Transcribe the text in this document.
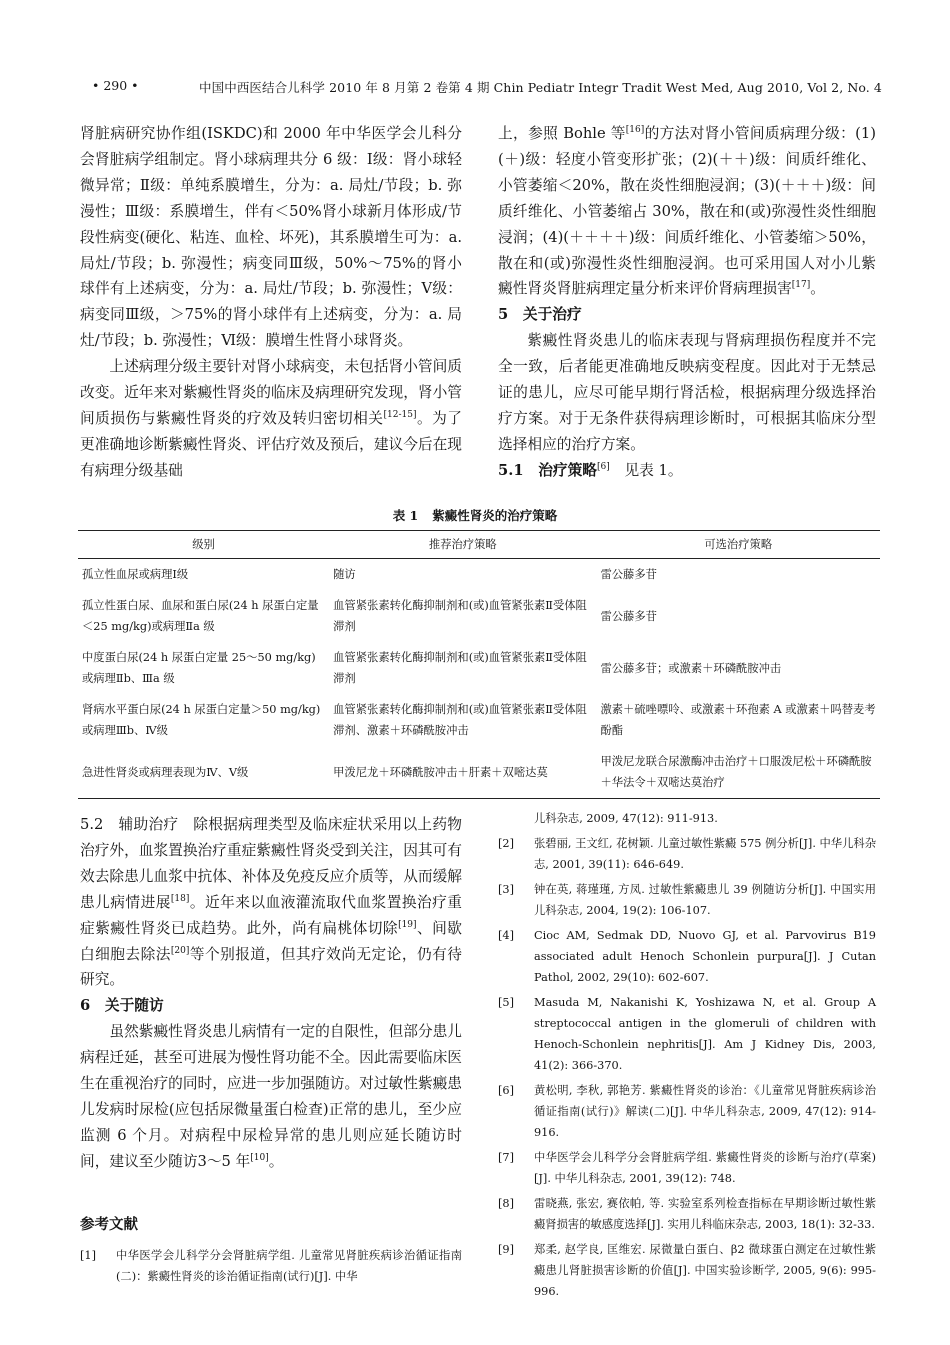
• 290 •	中国中西医结合儿科学 2010 年 8 月第 2 卷第 4 期 Chin Pediatr Integr Tradit West Med, Aug 2010, Vol 2, No. 4

肾脏病研究协作组(ISKDC)和 2000 年中华医学会儿科分会肾脏病学组制定。肾小球病理共分 6 级：Ⅰ级：肾小球轻微异常；Ⅱ级：单纯系膜增生，分为：a. 局灶/节段；b. 弥漫性；Ⅲ级：系膜增生，伴有＜50%肾小球新月体形成/节段性病变(硬化、粘连、血栓、坏死)，其系膜增生可为：a. 局灶/节段；b. 弥漫性；病变同Ⅲ级，50%～75%的肾小球伴有上述病变，分为：a. 局灶/节段；b. 弥漫性；Ⅴ级：病变同Ⅲ级，＞75%的肾小球伴有上述病变，分为：a. 局灶/节段；b. 弥漫性；Ⅵ级：膜增生性肾小球肾炎。

上述病理分级主要针对肾小球病变，未包括肾小管间质改变。近年来对紫癜性肾炎的临床及病理研究发现，肾小管间质损伤与紫癜性肾炎的疗效及转归密切相关[12-15]。为了更准确地诊断紫癜性肾炎、评估疗效及预后，建议今后在现有病理分级基础

上，参照 Bohle 等[16]的方法对肾小管间质病理分级：(1)(＋)级：轻度小管变形扩张；(2)(＋＋)级：间质纤维化、小管萎缩＜20%，散在炎性细胞浸润；(3)(＋＋＋)级：间质纤维化、小管萎缩占 30%，散在和(或)弥漫性炎性细胞浸润；(4)(＋＋＋＋)级：间质纤维化、小管萎缩＞50%，散在和(或)弥漫性炎性细胞浸润。也可采用国人对小儿紫癜性肾炎肾脏病理定量分析来评价肾病理损害[17]。

5　关于治疗

紫癜性肾炎患儿的临床表现与肾病理损伤程度并不完全一致，后者能更准确地反映病变程度。因此对于无禁忌证的患儿，应尽可能早期行肾活检，根据病理分级选择治疗方案。对于无条件获得病理诊断时，可根据其临床分型选择相应的治疗方案。

5.1　治疗策略[6]　见表 1。

表 1 紫癜性肾炎的治疗策略
级别	推荐治疗策略	可选治疗策略
孤立性血尿或病理Ⅰ级	随访	雷公藤多苷
孤立性蛋白尿、血尿和蛋白尿(24 h 尿蛋白定量＜25 mg/kg)或病理Ⅱa 级	血管紧张素转化酶抑制剂和(或)血管紧张素Ⅱ受体阻滞剂	雷公藤多苷
中度蛋白尿(24 h 尿蛋白定量 25～50 mg/kg)或病理Ⅱb、Ⅲa 级	血管紧张素转化酶抑制剂和(或)血管紧张素Ⅱ受体阻滞剂	雷公藤多苷；或激素＋环磷酰胺冲击
肾病水平蛋白尿(24 h 尿蛋白定量＞50 mg/kg)或病理Ⅲb、Ⅳ级	血管紧张素转化酶抑制剂和(或)血管紧张素Ⅱ受体阻滞剂、激素＋环磷酰胺冲击	激素＋硫唑嘌呤、或激素＋环孢素 A 或激素＋吗替麦考酚酯
急进性肾炎或病理表现为Ⅳ、Ⅴ级	甲泼尼龙＋环磷酰胺冲击＋肝素＋双嘧达莫	甲泼尼龙联合尿激酶冲击治疗＋口服泼尼松＋环磷酰胺＋华法令＋双嘧达莫治疗

5.2　辅助治疗　除根据病理类型及临床症状采用以上药物治疗外，血浆置换治疗重症紫癜性肾炎受到关注，因其可有效去除患儿血浆中抗体、补体及免疫反应介质等，从而缓解患儿病情进展[18]。近年来以血液灌流取代血浆置换治疗重症紫癜性肾炎已成趋势。此外，尚有扁桃体切除[19]、间歇白细胞去除法[20]等个别报道，但其疗效尚无定论，仍有待研究。

6　关于随访

虽然紫癜性肾炎患儿病情有一定的自限性，但部分患儿病程迁延，甚至可进展为慢性肾功能不全。因此需要临床医生在重视治疗的同时，应进一步加强随访。对过敏性紫癜患儿发病时尿检(应包括尿微量蛋白检查)正常的患儿，至少应监测 6 个月。对病程中尿检异常的患儿则应延长随访时间，建议至少随访3～5 年[10]。

参考文献
[1]	中华医学会儿科学分会肾脏病学组. 儿童常见肾脏疾病诊治循证指南(二)：紫癜性肾炎的诊治循证指南(试行)[J]. 中华
儿科杂志, 2009, 47(12): 911-913.
[2]	张碧丽, 王文红, 花树颖. 儿童过敏性紫癜 575 例分析[J]. 中华儿科杂志, 2001, 39(11): 646-649.
[3]	钟在英, 蒋瑾瑾, 方凤. 过敏性紫癜患儿 39 例随访分析[J]. 中国实用儿科杂志, 2004, 19(2): 106-107.
[4]	Cioc AM, Sedmak DD, Nuovo GJ, et al. Parvovirus B19 associated adult Henoch Schonlein purpura[J]. J Cutan Pathol, 2002, 29(10): 602-607.
[5]	Masuda M, Nakanishi K, Yoshizawa N, et al. Group A streptococcal antigen in the glomeruli of children with Henoch-Schonlein nephritis[J]. Am J Kidney Dis, 2003, 41(2): 366-370.
[6]	黄松明, 李秋, 郭艳芳. 紫癜性肾炎的诊治：《儿童常见肾脏疾病诊治循证指南(试行)》解读(二)[J]. 中华儿科杂志, 2009, 47(12): 914-916.
[7]	中华医学会儿科学分会肾脏病学组. 紫癜性肾炎的诊断与治疗(草案)[J]. 中华儿科杂志, 2001, 39(12): 748.
[8]	雷晓燕, 张宏, 赛依帕, 等. 实验室系列检查指标在早期诊断过敏性紫癜肾损害的敏感度选择[J]. 实用儿科临床杂志, 2003, 18(1): 32-33.
[9]	郑柔, 赵学良, 匡维宏. 尿微量白蛋白、β2 微球蛋白测定在过敏性紫癜患儿肾脏损害诊断的价值[J]. 中国实验诊断学, 2005, 9(6): 995-996.
